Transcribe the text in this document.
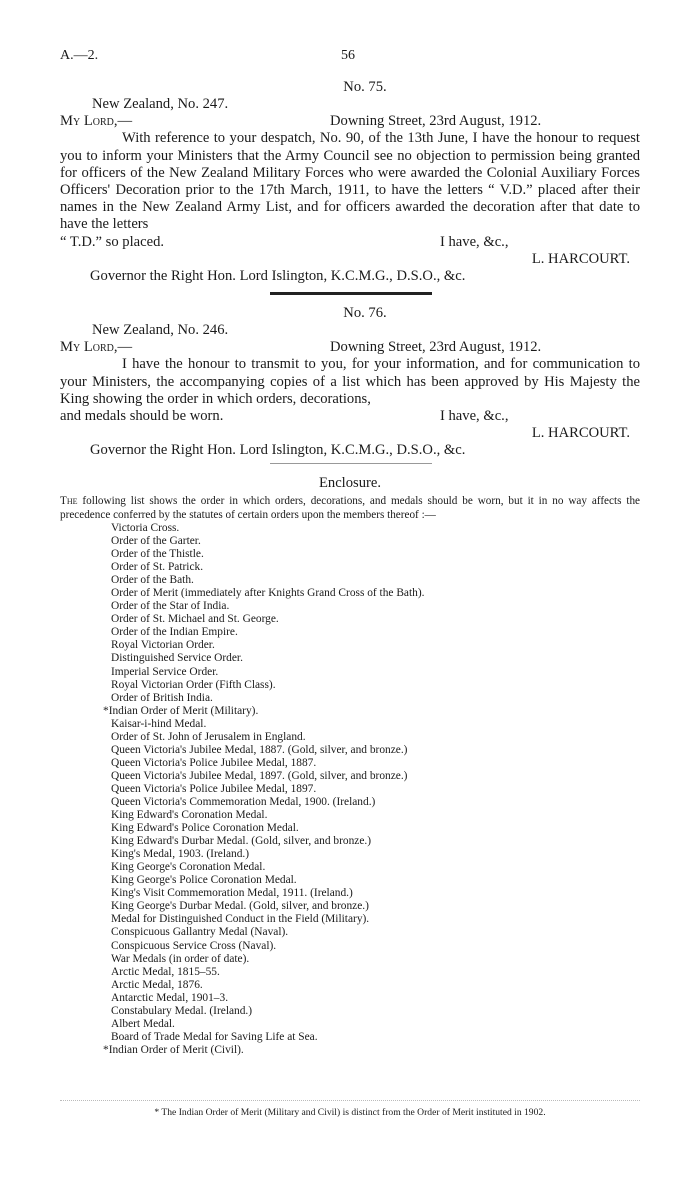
A.—2.	56
No. 75.
New Zealand, No. 247.
My Lord,—	Downing Street, 23rd August, 1912.

With reference to your despatch, No. 90, of the 13th June, I have the honour to request you to inform your Ministers that the Army Council see no objection to permission being granted for officers of the New Zealand Military Forces who were awarded the Colonial Auxiliary Forces Officers' Decoration prior to the 17th March, 1911, to have the letters “ V.D.” placed after their names in the New Zealand Army List, and for officers awarded the decoration after that date to have the letters

“ T.D.” so placed.	I have, &c.,
L. HARCOURT.
Governor the Right Hon. Lord Islington, K.C.M.G., D.S.O., &c.
No. 76.
New Zealand, No. 246.
My Lord,—	Downing Street, 23rd August, 1912.

I have the honour to transmit to you, for your information, and for communication to your Ministers, the accompanying copies of a list which has been approved by His Majesty the King showing the order in which orders, decorations,

and medals should be worn.	I have, &c.,
L. HARCOURT.
Governor the Right Hon. Lord Islington, K.C.M.G., D.S.O., &c.
Enclosure.

The following list shows the order in which orders, decorations, and medals should be worn, but it in no way affects the precedence conferred by the statutes of certain orders upon the members thereof :—

Victoria Cross.
Order of the Garter.
Order of the Thistle.
Order of St. Patrick.
Order of the Bath.
Order of Merit (immediately after Knights Grand Cross of the Bath).
Order of the Star of India.
Order of St. Michael and St. George.
Order of the Indian Empire.
Royal Victorian Order.
Distinguished Service Order.
Imperial Service Order.
Royal Victorian Order (Fifth Class).
Order of British India.
*Indian Order of Merit (Military).
Kaisar-i-hind Medal.
Order of St. John of Jerusalem in England.
Queen Victoria's Jubilee Medal, 1887. (Gold, silver, and bronze.)
Queen Victoria's Police Jubilee Medal, 1887.
Queen Victoria's Jubilee Medal, 1897. (Gold, silver, and bronze.)
Queen Victoria's Police Jubilee Medal, 1897.
Queen Victoria's Commemoration Medal, 1900. (Ireland.)
King Edward's Coronation Medal.
King Edward's Police Coronation Medal.
King Edward's Durbar Medal. (Gold, silver, and bronze.)
King's Medal, 1903. (Ireland.)
King George's Coronation Medal.
King George's Police Coronation Medal.
King's Visit Commemoration Medal, 1911. (Ireland.)
King George's Durbar Medal. (Gold, silver, and bronze.)
Medal for Distinguished Conduct in the Field (Military).
Conspicuous Gallantry Medal (Naval).
Conspicuous Service Cross (Naval).
War Medals (in order of date).
Arctic Medal, 1815–55.
Arctic Medal, 1876.
Antarctic Medal, 1901–3.
Constabulary Medal. (Ireland.)
Albert Medal.
Board of Trade Medal for Saving Life at Sea.
*Indian Order of Merit (Civil).
* The Indian Order of Merit (Military and Civil) is distinct from the Order of Merit instituted in 1902.
